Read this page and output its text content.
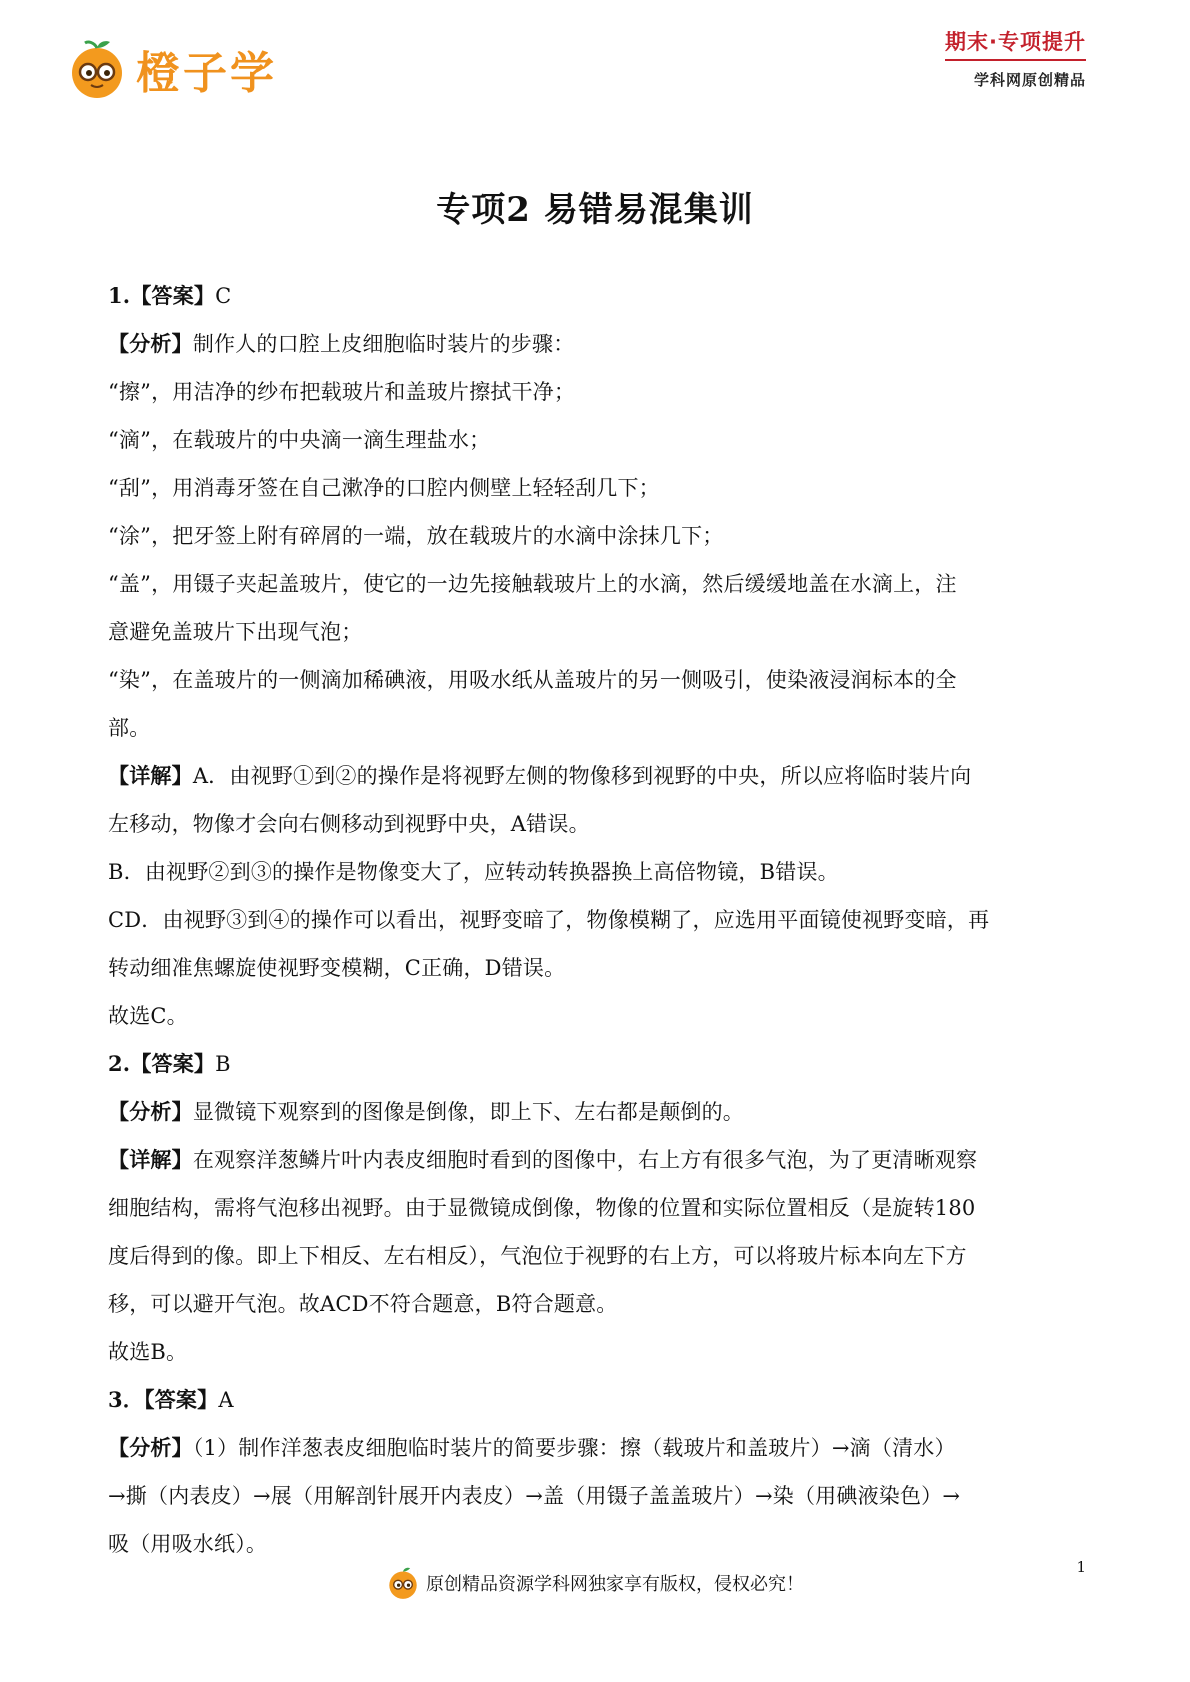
橙子学
期末·专项提升
学科网原创精品
专项2 易错易混集训
1.【答案】C
【分析】制作人的口腔上皮细胞临时装片的步骤：
“擦”，用洁净的纱布把载玻片和盖玻片擦拭干净；
“滴”，在载玻片的中央滴一滴生理盐水；
“刮”，用消毒牙签在自己漱净的口腔内侧壁上轻轻刮几下；
“涂”，把牙签上附有碎屑的一端，放在载玻片的水滴中涂抹几下；
“盖”，用镊子夹起盖玻片，使它的一边先接触载玻片上的水滴，然后缓缓地盖在水滴上，注
意避免盖玻片下出现气泡；
“染”，在盖玻片的一侧滴加稀碘液，用吸水纸从盖玻片的另一侧吸引，使染液浸润标本的全
部。
【详解】A．由视野①到②的操作是将视野左侧的物像移到视野的中央，所以应将临时装片向
左移动，物像才会向右侧移动到视野中央，A错误。
B．由视野②到③的操作是物像变大了，应转动转换器换上高倍物镜，B错误。
CD．由视野③到④的操作可以看出，视野变暗了，物像模糊了，应选用平面镜使视野变暗，再
转动细准焦螺旋使视野变模糊，C正确，D错误。
故选C。
2.【答案】B
【分析】显微镜下观察到的图像是倒像，即上下、左右都是颠倒的。
【详解】在观察洋葱鳞片叶内表皮细胞时看到的图像中，右上方有很多气泡，为了更清晰观察
细胞结构，需将气泡移出视野。由于显微镜成倒像，物像的位置和实际位置相反（是旋转180
度后得到的像。即上下相反、左右相反），气泡位于视野的右上方，可以将玻片标本向左下方
移，可以避开气泡。故ACD不符合题意，B符合题意。
故选B。
3．【答案】A
【分析】（1）制作洋葱表皮细胞临时装片的简要步骤：擦（载玻片和盖玻片）→滴（清水）
→撕（内表皮）→展（用解剖针展开内表皮）→盖（用镊子盖盖玻片）→染（用碘液染色）→
吸（用吸水纸）。
原创精品资源学科网独家享有版权，侵权必究！
1
